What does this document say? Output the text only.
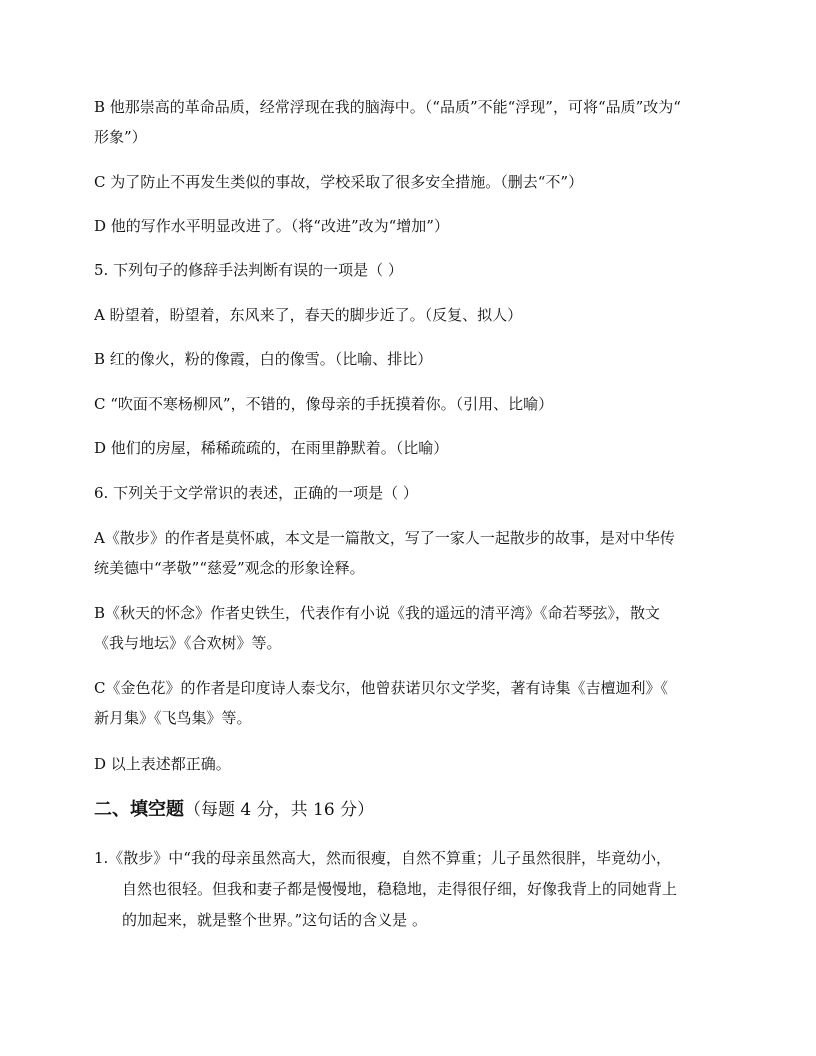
B 他那崇高的革命品质，经常浮现在我的脑海中。（“品质”不能“浮现”，可将“品质”改为“
形象”）
C 为了防止不再发生类似的事故，学校采取了很多安全措施。（删去“不”）
D 他的写作水平明显改进了。（将“改进”改为“增加”）
5. 下列句子的修辞手法判断有误的一项是（ ）
A 盼望着，盼望着，东风来了，春天的脚步近了。（反复、拟人）
B 红的像火，粉的像霞，白的像雪。（比喻、排比）
C “吹面不寒杨柳风”，不错的，像母亲的手抚摸着你。（引用、比喻）
D 他们的房屋，稀稀疏疏的，在雨里静默着。（比喻）
6. 下列关于文学常识的表述，正确的一项是（ ）
A《散步》的作者是莫怀戚，本文是一篇散文，写了一家人一起散步的故事，是对中华传
统美德中“孝敬”“慈爱”观念的形象诠释。
B《秋天的怀念》作者史铁生，代表作有小说《我的遥远的清平湾》《命若琴弦》，散文
《我与地坛》《合欢树》等。
C《金色花》的作者是印度诗人泰戈尔，他曾获诺贝尔文学奖，著有诗集《吉檀迦利》《
新月集》《飞鸟集》等。
D 以上表述都正确。
二、填空题（每题 4 分，共 16 分）
1.《散步》中“我的母亲虽然高大，然而很瘦，自然不算重；儿子虽然很胖，毕竟幼小，
自然也很轻。但我和妻子都是慢慢地，稳稳地，走得很仔细，好像我背上的同她背上
的加起来，就是整个世界。”这句话的含义是 。
